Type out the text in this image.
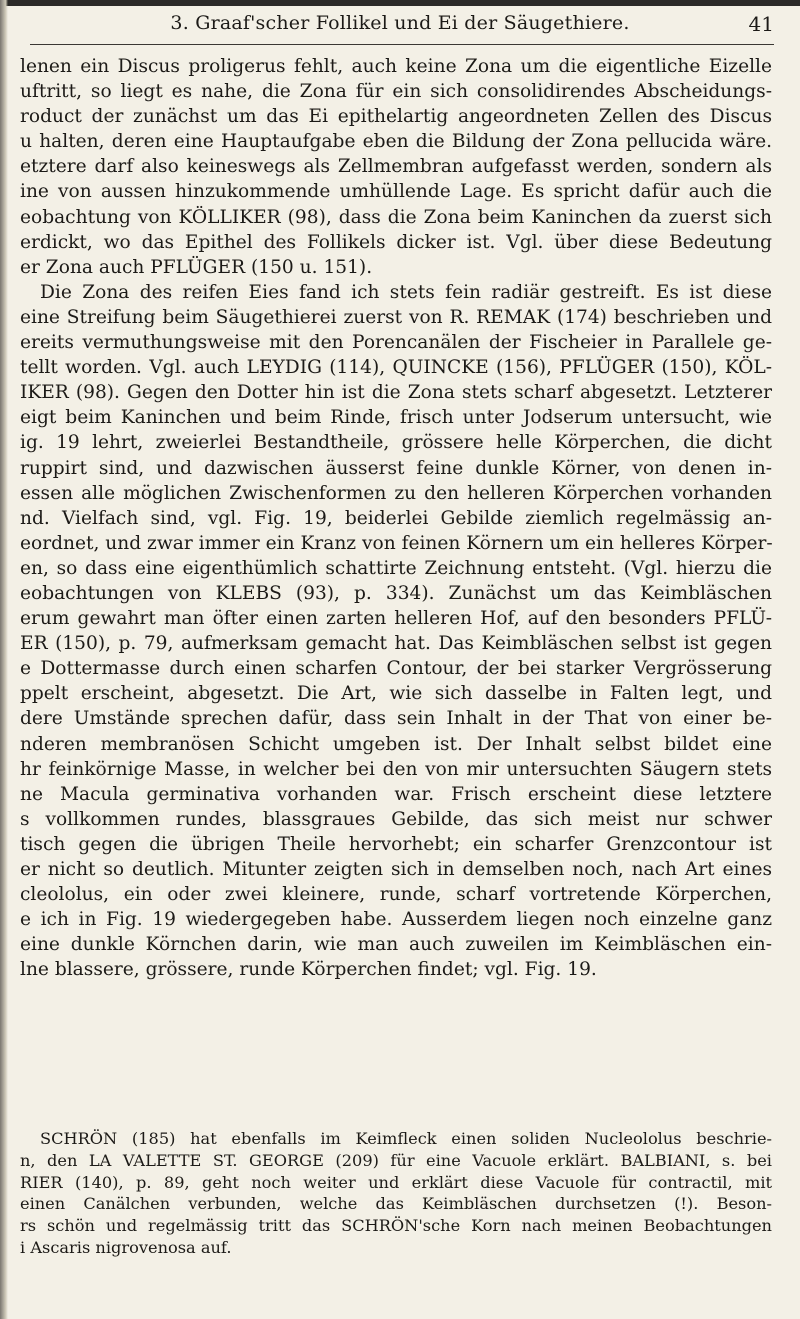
3. Graaf'scher Follikel und Ei der Säugethiere.	41
lenen ein Discus proligerus fehlt, auch keine Zona um die eigentliche Eizelle
uftritt, so liegt es nahe, die Zona für ein sich consolidirendes Abscheidungs-
roduct der zunächst um das Ei epithelartig angeordneten Zellen des Discus
u halten, deren eine Hauptaufgabe eben die Bildung der Zona pellucida wäre.
etztere darf also keineswegs als Zellmembran aufgefasst werden, sondern als
ine von aussen hinzukommende umhüllende Lage. Es spricht dafür auch die
eobachtung von KÖLLIKER (98), dass die Zona beim Kaninchen da zuerst sich
erdickt, wo das Epithel des Follikels dicker ist. Vgl. über diese Bedeutung
er Zona auch PFLÜGER (150 u. 151).
Die Zona des reifen Eies fand ich stets fein radiär gestreift. Es ist diese
eine Streifung beim Säugethierei zuerst von R. REMAK (174) beschrieben und
ereits vermuthungsweise mit den Porencanälen der Fischeier in Parallele ge-
tellt worden. Vgl. auch LEYDIG (114), QUINCKE (156), PFLÜGER (150), KÖL-
IKER (98). Gegen den Dotter hin ist die Zona stets scharf abgesetzt. Letzterer
eigt beim Kaninchen und beim Rinde, frisch unter Jodserum untersucht, wie
ig. 19 lehrt, zweierlei Bestandtheile, grössere helle Körperchen, die dicht
ruppirt sind, und dazwischen äusserst feine dunkle Körner, von denen in-
essen alle möglichen Zwischenformen zu den helleren Körperchen vorhanden
nd. Vielfach sind, vgl. Fig. 19, beiderlei Gebilde ziemlich regelmässig an-
eordnet, und zwar immer ein Kranz von feinen Körnern um ein helleres Körper-
en, so dass eine eigenthümlich schattirte Zeichnung entsteht. (Vgl. hierzu die
eobachtungen von KLEBS (93), p. 334). Zunächst um das Keimbläschen
erum gewahrt man öfter einen zarten helleren Hof, auf den besonders PFLÜ-
ER (150), p. 79, aufmerksam gemacht hat. Das Keimbläschen selbst ist gegen
e Dottermasse durch einen scharfen Contour, der bei starker Vergrösserung
ppelt erscheint, abgesetzt. Die Art, wie sich dasselbe in Falten legt, und
dere Umstände sprechen dafür, dass sein Inhalt in der That von einer be-
nderen membranösen Schicht umgeben ist. Der Inhalt selbst bildet eine
hr feinkörnige Masse, in welcher bei den von mir untersuchten Säugern stets
ne Macula germinativa vorhanden war. Frisch erscheint diese letztere
s vollkommen rundes, blassgraues Gebilde, das sich meist nur schwer
tisch gegen die übrigen Theile hervorhebt; ein scharfer Grenzcontour ist
er nicht so deutlich. Mitunter zeigten sich in demselben noch, nach Art eines
cleololus, ein oder zwei kleinere, runde, scharf vortretende Körperchen,
e ich in Fig. 19 wiedergegeben habe. Ausserdem liegen noch einzelne ganz
eine dunkle Körnchen darin, wie man auch zuweilen im Keimbläschen ein-
lne blassere, grössere, runde Körperchen findet; vgl. Fig. 19.
SCHRÖN (185) hat ebenfalls im Keimfleck einen soliden Nucleololus beschrie-
n, den LA VALETTE ST. GEORGE (209) für eine Vacuole erklärt. BALBIANI, s. bei
RIER (140), p. 89, geht noch weiter und erklärt diese Vacuole für contractil, mit
einen Canälchen verbunden, welche das Keimbläschen durchsetzen (!). Beson-
rs schön und regelmässig tritt das SCHRÖN'sche Korn nach meinen Beobachtungen
i Ascaris nigrovenosa auf.
